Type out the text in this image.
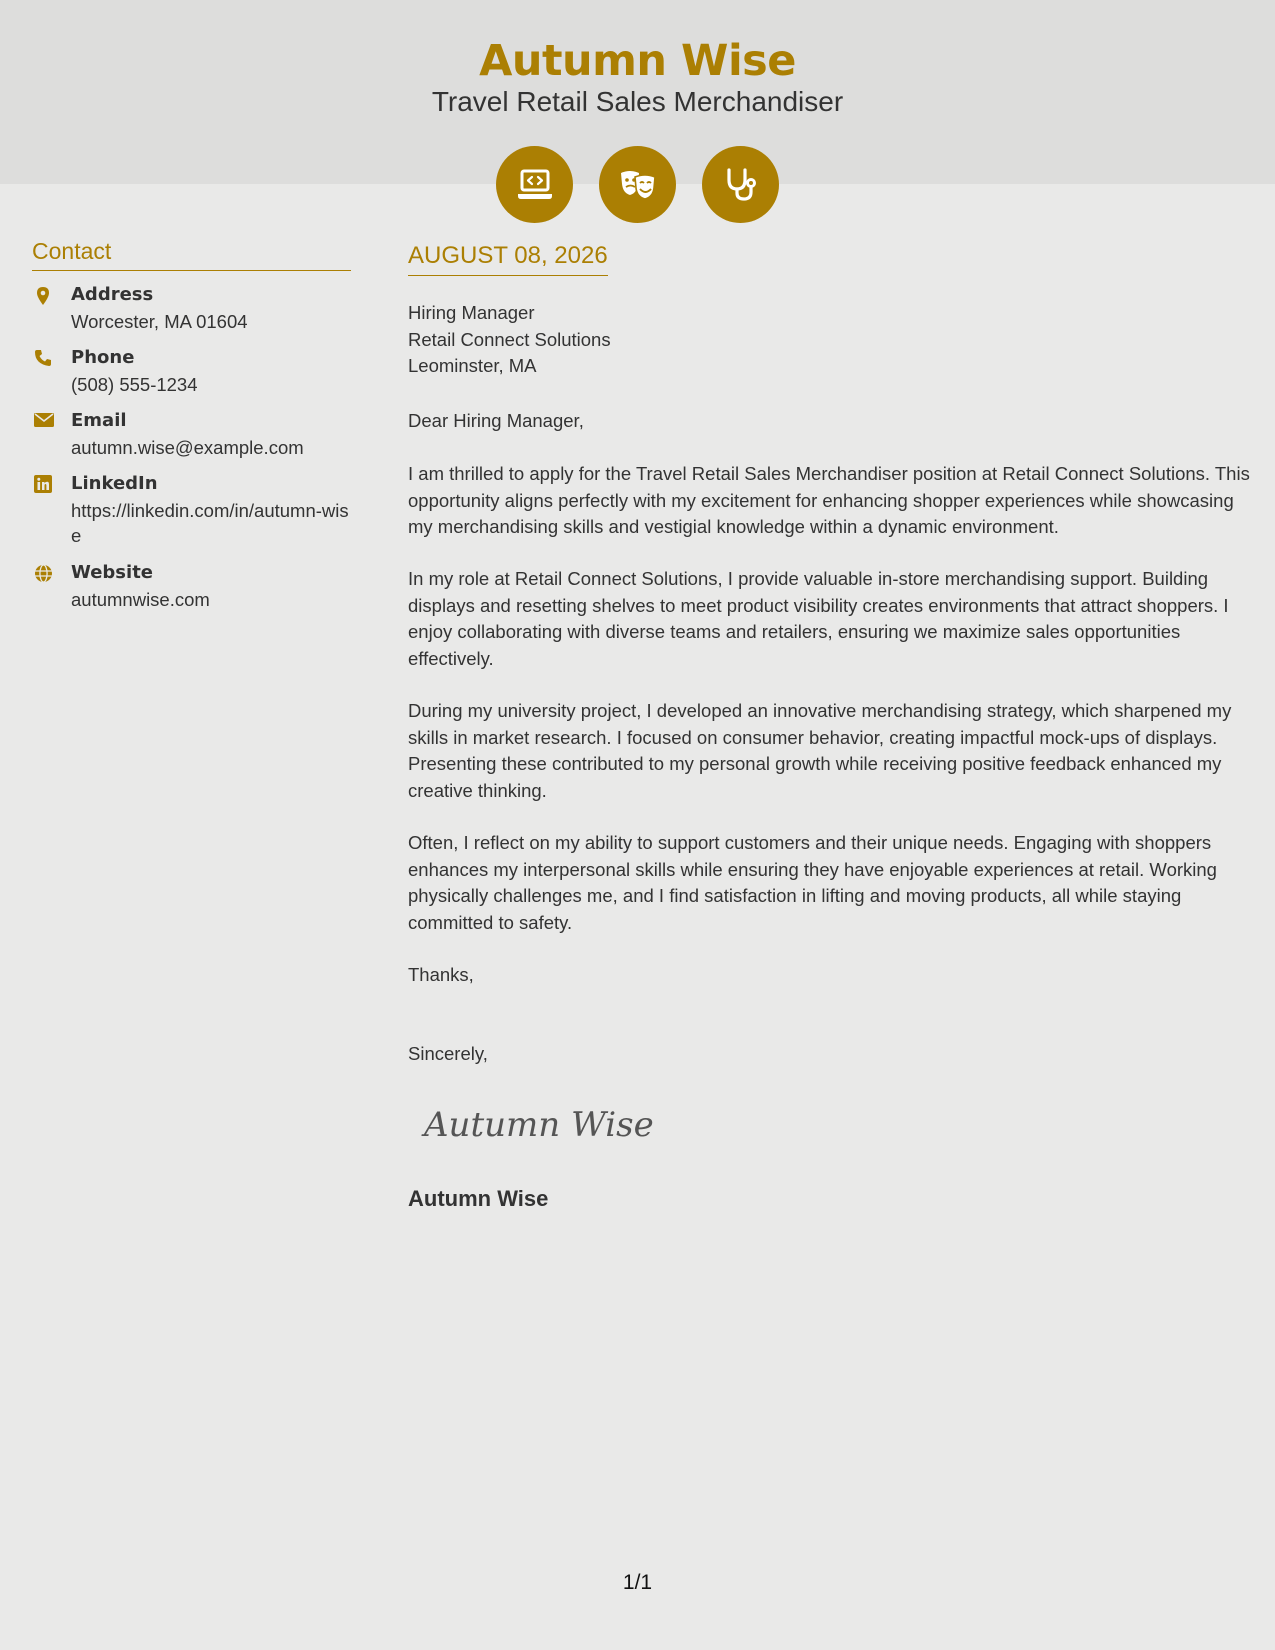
Autumn Wise
Travel Retail Sales Merchandiser
Contact
Address
Worcester, MA 01604
Phone
(508) 555-1234
Email
autumn.wise@example.com
LinkedIn
https://linkedin.com/in/autumn-wise
Website
autumnwise.com
AUGUST 08, 2026
Hiring Manager
Retail Connect Solutions
Leominster, MA
Dear Hiring Manager,
I am thrilled to apply for the Travel Retail Sales Merchandiser position at Retail Connect Solutions. This opportunity aligns perfectly with my excitement for enhancing shopper experiences while showcasing my merchandising skills and vestigial knowledge within a dynamic environment.
In my role at Retail Connect Solutions, I provide valuable in-store merchandising support. Building displays and resetting shelves to meet product visibility creates environments that attract shoppers. I enjoy collaborating with diverse teams and retailers, ensuring we maximize sales opportunities effectively.
During my university project, I developed an innovative merchandising strategy, which sharpened my skills in market research. I focused on consumer behavior, creating impactful mock-ups of displays. Presenting these contributed to my personal growth while receiving positive feedback enhanced my creative thinking.
Often, I reflect on my ability to support customers and their unique needs. Engaging with shoppers enhances my interpersonal skills while ensuring they have enjoyable experiences at retail. Working physically challenges me, and I find satisfaction in lifting and moving products, all while staying committed to safety.
Thanks,
Sincerely,
Autumn Wise
Autumn Wise
1/1
